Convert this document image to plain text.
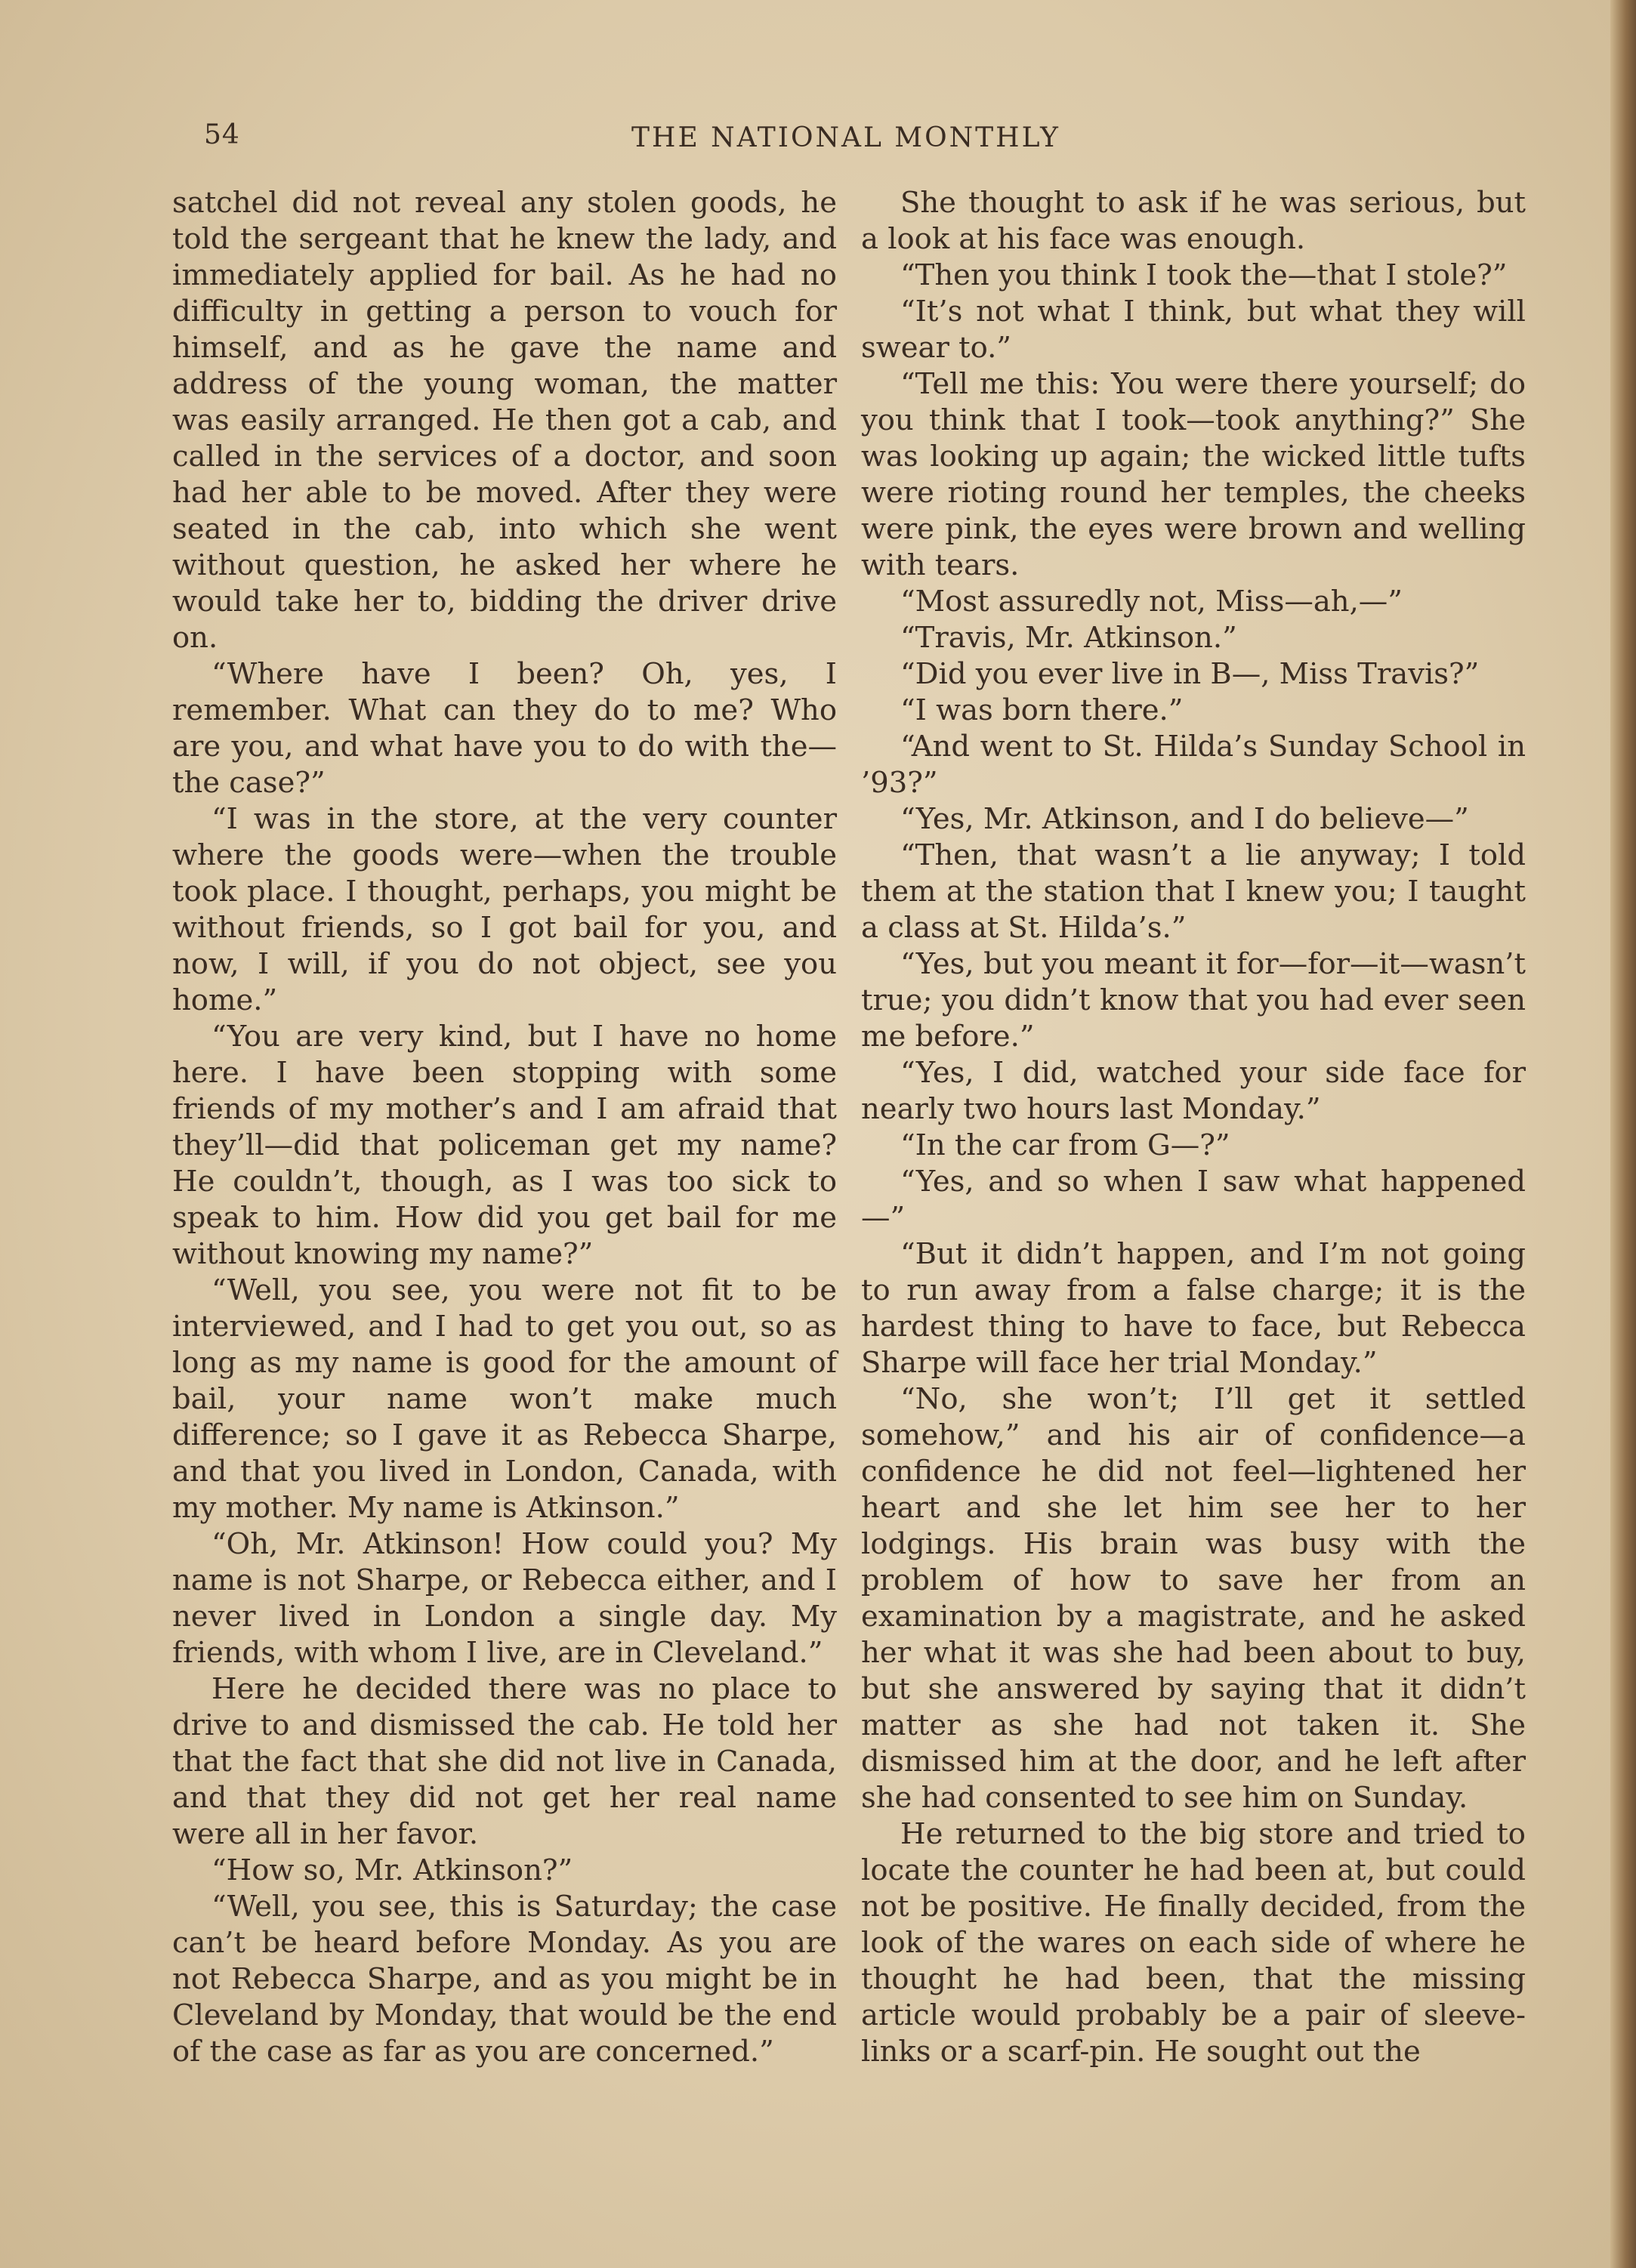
54	THE NATIONAL MONTHLY

satchel did not reveal any stolen goods, he told the sergeant that he knew the lady, and immediately applied for bail. As he had no difficulty in getting a person to vouch for himself, and as he gave the name and address of the young woman, the matter was easily arranged. He then got a cab, and called in the services of a doctor, and soon had her able to be moved. After they were seated in the cab, into which she went without question, he asked her where he would take her to, bidding the driver drive on.

“Where have I been? Oh, yes, I remember. What can they do to me? Who are you, and what have you to do with the—the case?”

“I was in the store, at the very counter where the goods were—when the trouble took place. I thought, perhaps, you might be without friends, so I got bail for you, and now, I will, if you do not object, see you home.”

“You are very kind, but I have no home here. I have been stopping with some friends of my mother’s and I am afraid that they’ll—did that policeman get my name? He couldn’t, though, as I was too sick to speak to him. How did you get bail for me without knowing my name?”

“Well, you see, you were not fit to be interviewed, and I had to get you out, so as long as my name is good for the amount of bail, your name won’t make much difference; so I gave it as Rebecca Sharpe, and that you lived in London, Canada, with my mother. My name is Atkinson.”

“Oh, Mr. Atkinson! How could you? My name is not Sharpe, or Rebecca either, and I never lived in London a single day. My friends, with whom I live, are in Cleveland.”

Here he decided there was no place to drive to and dismissed the cab. He told her that the fact that she did not live in Canada, and that they did not get her real name were all in her favor.

“How so, Mr. Atkinson?”

“Well, you see, this is Saturday; the case can’t be heard before Monday. As you are not Rebecca Sharpe, and as you might be in Cleveland by Monday, that would be the end of the case as far as you are concerned.”

She thought to ask if he was serious, but a look at his face was enough.

“Then you think I took the—that I stole?”

“It’s not what I think, but what they will swear to.”

“Tell me this: You were there yourself; do you think that I took—took anything?” She was looking up again; the wicked little tufts were rioting round her temples, the cheeks were pink, the eyes were brown and welling with tears.

“Most assuredly not, Miss—ah,—”

“Travis, Mr. Atkinson.”

“Did you ever live in B—, Miss Travis?”

“I was born there.”

“And went to St. Hilda’s Sunday School in ’93?”

“Yes, Mr. Atkinson, and I do believe—”

“Then, that wasn’t a lie anyway; I told them at the station that I knew you; I taught a class at St. Hilda’s.”

“Yes, but you meant it for—for—it—wasn’t true; you didn’t know that you had ever seen me before.”

“Yes, I did, watched your side face for nearly two hours last Monday.”

“In the car from G—?”

“Yes, and so when I saw what happened—”

“But it didn’t happen, and I’m not going to run away from a false charge; it is the hardest thing to have to face, but Rebecca Sharpe will face her trial Monday.”

“No, she won’t; I’ll get it settled somehow,” and his air of confidence—a confidence he did not feel—lightened her heart and she let him see her to her lodgings. His brain was busy with the problem of how to save her from an examination by a magistrate, and he asked her what it was she had been about to buy, but she answered by saying that it didn’t matter as she had not taken it. She dismissed him at the door, and he left after she had consented to see him on Sunday.

He returned to the big store and tried to locate the counter he had been at, but could not be positive. He finally decided, from the look of the wares on each side of where he thought he had been, that the missing article would probably be a pair of sleeve-links or a scarf-pin. He sought out the
